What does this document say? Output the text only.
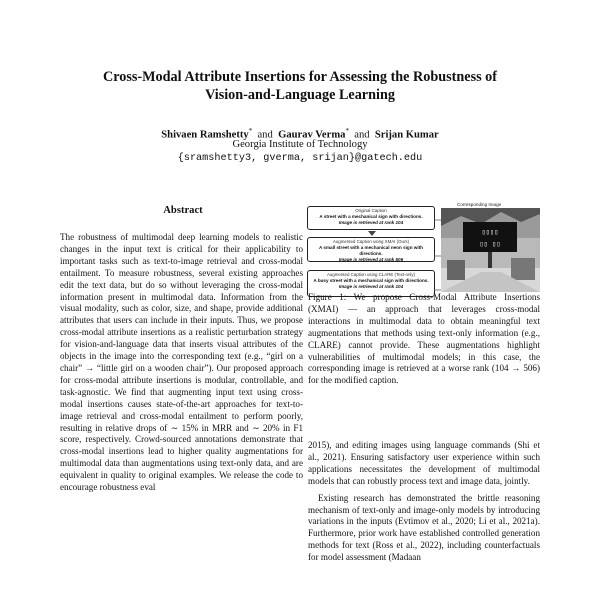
Cross-Modal Attribute Insertions for Assessing the Robustness of
Vision-and-Language Learning
Shivaen Ramshetty* and Gaurav Verma* and Srijan Kumar
Georgia Institute of Technology
{sramshetty3, gverma, srijan}@gatech.edu
Abstract
The robustness of multimodal deep learning models to realistic changes in the input text is critical for their applicability to important tasks such as text-to-image retrieval and cross-modal entailment. To measure robustness, several existing approaches edit the text data, but do so without leveraging the cross-modal information present in multimodal data. Information from the visual modality, such as color, size, and shape, provide additional attributes that users can include in their inputs. Thus, we propose cross-modal attribute insertions as a realistic perturbation strategy for vision-and-language data that inserts visual attributes of the objects in the image into the corresponding text (e.g., “girl on a chair” → “little girl on a wooden chair”). Our proposed approach for cross-modal attribute insertions is modular, controllable, and task-agnostic. We find that augmenting input text using cross-modal insertions causes state-of-the-art approaches for text-to-image retrieval and cross-modal entailment to perform poorly, resulting in relative drops of ∼ 15% in MRR and ∼ 20% in F1 score, respectively. Crowd-sourced annotations demonstrate that cross-modal insertions lead to higher quality augmentations for multimodal data than augmentations using text-only data, and are equivalent in quality to original examples. We release the code to encourage robustness eval
Original Caption
A street with a mechanical sign with directions.
Image is retrieved at rank 104
Augmented Caption using XMAI (Ours)
A small street with a mechanical neon sign with directions.
Image is retrieved at rank 506
Augmented Caption using CLARE (Text-only)
A busy street with a mechanical sign with directions.
Image is retrieved at rank 104
Corresponding Image
▯▯▯▯
▯▯ ▯▯
Figure 1: We propose Cross-Modal Attribute Insertions (XMAI) — an approach that leverages cross-modal interactions in multimodal data to obtain meaningful text augmentations that methods using text-only information (e.g., CLARE) cannot provide. These augmentations highlight vulnerabilities of multimodal models; in this case, the corresponding image is retrieved at a worse rank (104 → 506) for the modified caption.

2015), and editing images using language commands (Shi et al., 2021). Ensuring satisfactory user experience within such applications necessitates the development of multimodal models that can robustly process text and image data, jointly.

Existing research has demonstrated the brittle reasoning mechanism of text-only and image-only models by introducing variations in the inputs (Evtimov et al., 2020; Li et al., 2021a). Furthermore, prior work have established controlled generation methods for text (Ross et al., 2022), including counterfactuals for model assessment (Madaan
